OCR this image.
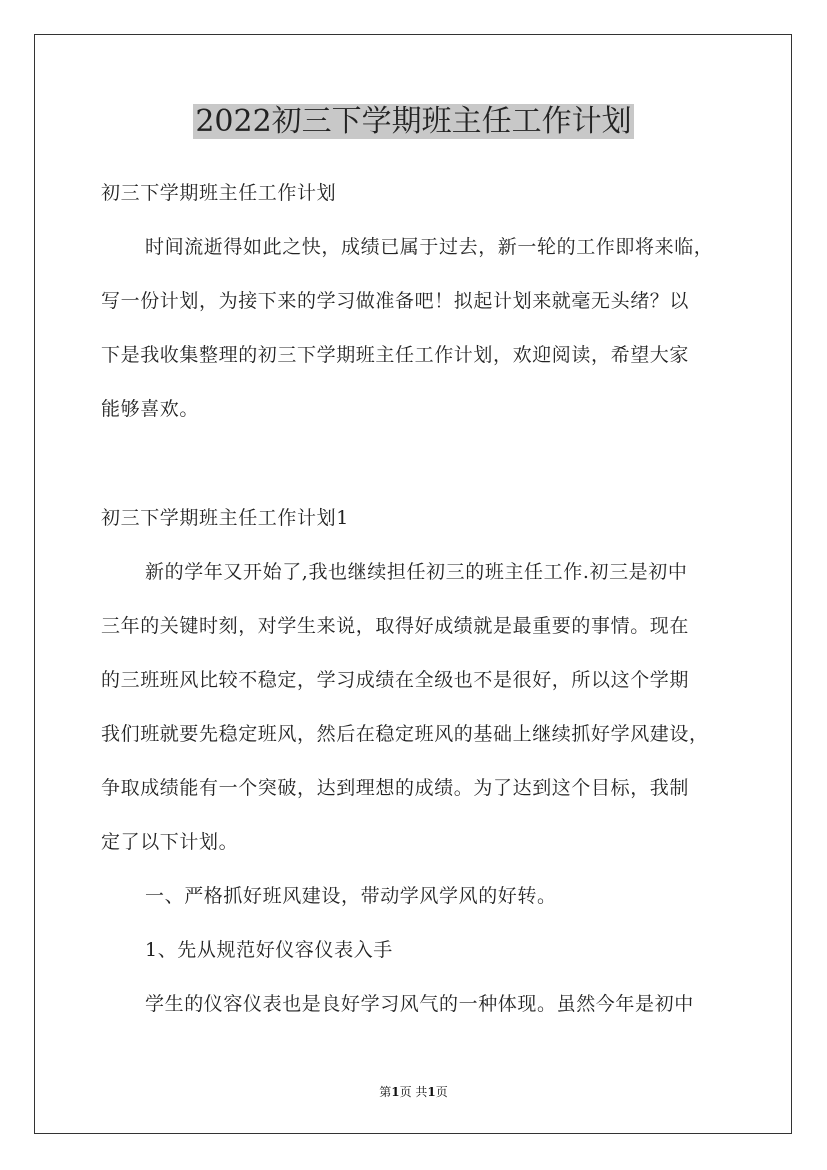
2022初三下学期班主任工作计划
初三下学期班主任工作计划
时间流逝得如此之快，成绩已属于过去，新一轮的工作即将来临，
写一份计划，为接下来的学习做准备吧！拟起计划来就毫无头绪？以
下是我收集整理的初三下学期班主任工作计划，欢迎阅读，希望大家
能够喜欢。
初三下学期班主任工作计划1
新的学年又开始了,我也继续担任初三的班主任工作.初三是初中
三年的关键时刻，对学生来说，取得好成绩就是最重要的事情。现在
的三班班风比较不稳定，学习成绩在全级也不是很好，所以这个学期
我们班就要先稳定班风，然后在稳定班风的基础上继续抓好学风建设，
争取成绩能有一个突破，达到理想的成绩。为了达到这个目标，我制
定了以下计划。
一、严格抓好班风建设，带动学风学风的好转。
1、先从规范好仪容仪表入手
学生的仪容仪表也是良好学习风气的一种体现。虽然今年是初中
第1页 共1页
